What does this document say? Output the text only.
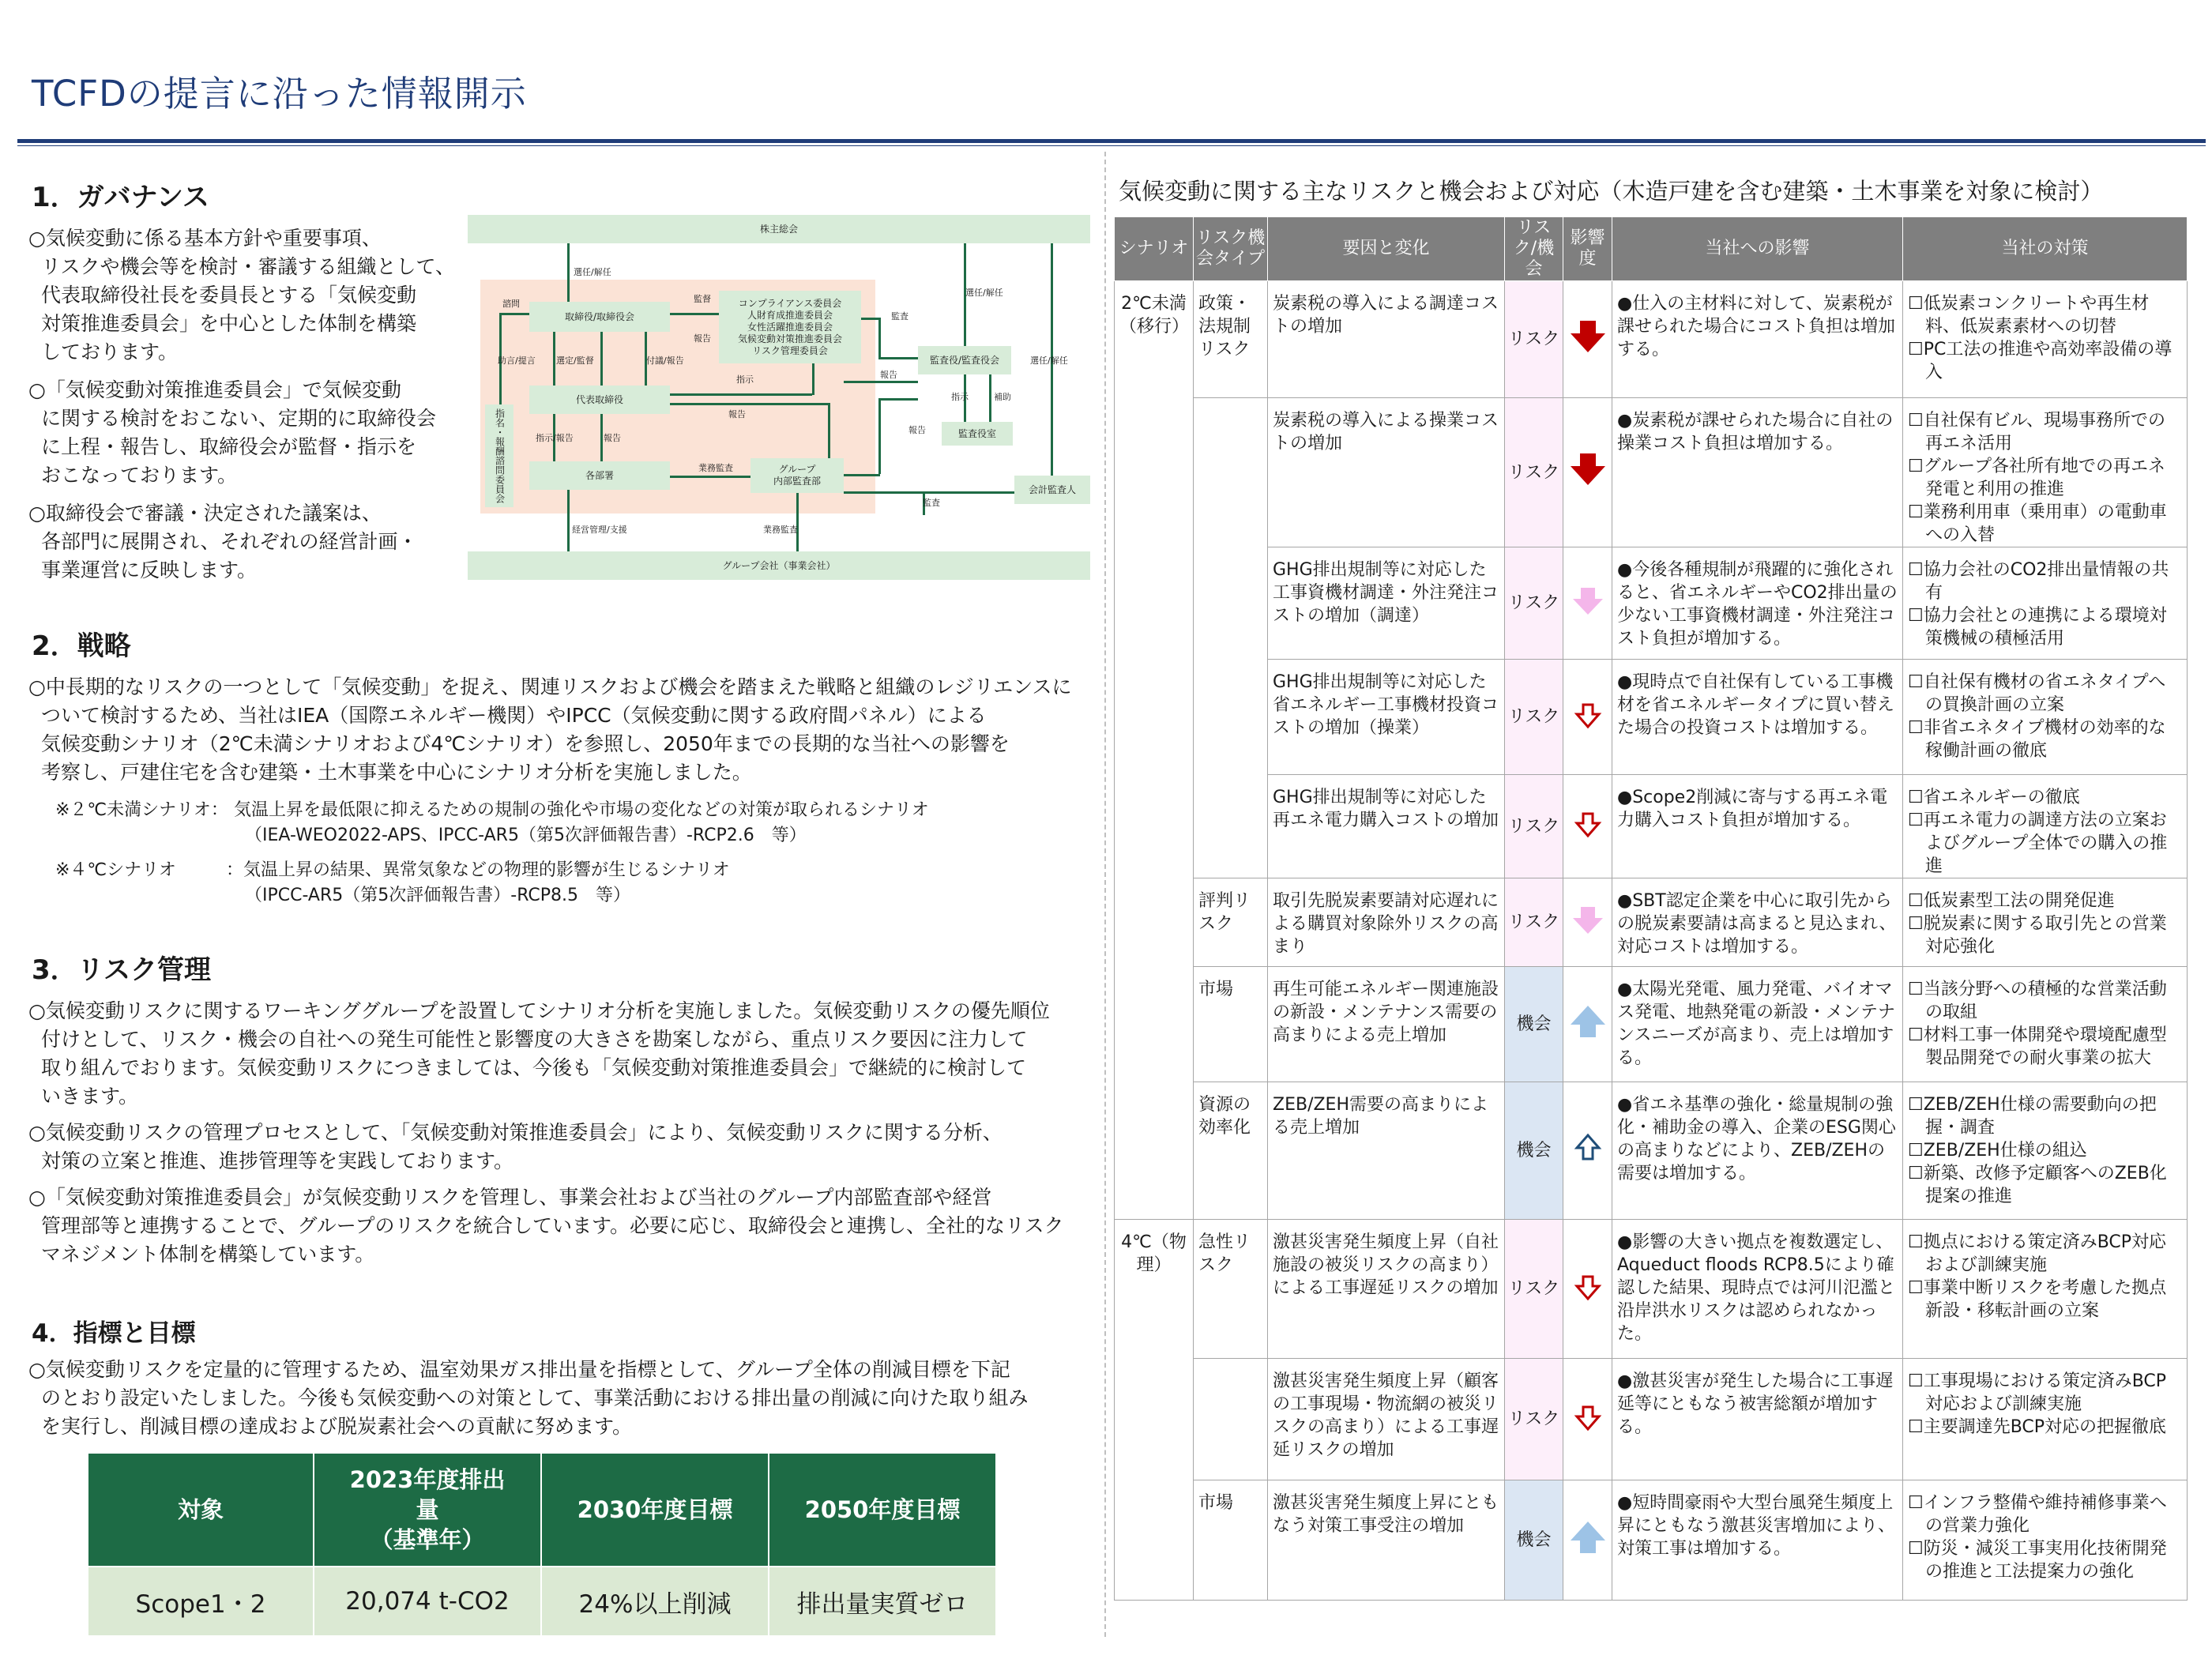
TCFDの提言に沿った情報開示
1．ガバナンス
○気候変動に係る基本方針や重要事項、
リスクや機会等を検討・審議する組織として、
代表取締役社長を委員長とする「気候変動
対策推進委員会」を中心とした体制を構築
しております。
○「気候変動対策推進委員会」で気候変動
に関する検討をおこない、定期的に取締役会
に上程・報告し、取締役会が監督・指示を
おこなっております。
○取締役会で審議・決定された議案は、
各部門に展開され、それぞれの経営計画・
事業運営に反映します。
株主総会
取締役/取締役会
コンプライアンス委員会
人財育成推進委員会
女性活躍推進委員会
気候変動対策推進委員会
リスク管理委員会
代表取締役
各部署
グループ
内部監査部
指名・報酬諮問委員会
監査役/監査役会
監査役室
会計監査人
グループ会社（事業会社）
選任/解任
選任/解任
選任/解任
諮問
助言/提言 選定/監督	付議/報告
監督
報告
指示
監査
報告
報告
指示/報告	報告
業務監査
指示	補助
報告
監査
経営管理/支援	業務監査
2．戦略
○中長期的なリスクの一つとして「気候変動」を捉え、関連リスクおよび機会を踏まえた戦略と組織のレジリエンスに
ついて検討するため、当社はIEA（国際エネルギー機関）やIPCC（気候変動に関する政府間パネル）による
気候変動シナリオ（2℃未満シナリオおよび4℃シナリオ）を参照し、2050年までの長期的な当社への影響を
考察し、戸建住宅を含む建築・土木事業を中心にシナリオ分析を実施しました。
※２℃未満シナリオ： 気温上昇を最低限に抑えるための規制の強化や市場の変化などの対策が取られるシナリオ
（IEA-WEO2022-APS、IPCC-AR5（第5次評価報告書）-RCP2.6　等）
※４℃シナリオ	：気温上昇の結果、異常気象などの物理的影響が生じるシナリオ
（IPCC-AR5（第5次評価報告書）-RCP8.5　等）
3．リスク管理
○気候変動リスクに関するワーキンググループを設置してシナリオ分析を実施しました。気候変動リスクの優先順位
付けとして、リスク・機会の自社への発生可能性と影響度の大きさを勘案しながら、重点リスク要因に注力して
取り組んでおります。気候変動リスクにつきましては、今後も「気候変動対策推進委員会」で継続的に検討して
いきます。
○気候変動リスクの管理プロセスとして、「気候変動対策推進委員会」により、気候変動リスクに関する分析、
対策の立案と推進、進捗管理等を実践しております。
○「気候変動対策推進委員会」が気候変動リスクを管理し、事業会社および当社のグループ内部監査部や経営
管理部等と連携することで、グループのリスクを統合しています。必要に応じ、取締役会と連携し、全社的なリスク
マネジメント体制を構築しています。
4．指標と目標
○気候変動リスクを定量的に管理するため、温室効果ガス排出量を指標として、グループ全体の削減目標を下記
のとおり設定いたしました。今後も気候変動への対策として、事業活動における排出量の削減に向けた取り組み
を実行し、削減目標の達成および脱炭素社会への貢献に努めます。
対象	2023年度排出
量
（基準年）	2030年度目標	2050年度目標

Scope1・2	20,074 t-CO2	24%以上削減	排出量実質ゼロ
気候変動に関する主なリスクと機会および対応（木造戸建を含む建築・土木事業を対象に検討）
シナリオ	リスク機会タイプ	要因と変化	リスク/機会	影響度	当社への影響	当社の対策
2℃未満（移行）	政策・法規制リスク	炭素税の導入による調達コストの増加	リスク		●仕入の主材料に対して、炭素税が課せられた場合にコスト負担は増加する。	☐低炭素コンクリートや再生材料、低炭素素材への切替
☐PC工法の推進や高効率設備の導入

		炭素税の導入による操業コストの増加	リスク		●炭素税が課せられた場合に自社の操業コスト負担は増加する。	☐自社保有ビル、現場事務所での再エネ活用
☐グループ各社所有地での再エネ発電と利用の推進
☐業務利用車（乗用車）の電動車への入替

		GHG排出規制等に対応した工事資機材調達・外注発注コストの増加（調達）	リスク		●今後各種規制が飛躍的に強化されると、省エネルギーやCO2排出量の少ない工事資機材調達・外注発注コスト負担が増加する。	☐協力会社のCO2排出量情報の共有
☐協力会社との連携による環境対策機械の積極活用

		GHG排出規制等に対応した省エネルギー工事機材投資コストの増加（操業）	リスク		●現時点で自社保有している工事機材を省エネルギータイプに買い替えた場合の投資コストは増加する。	☐自社保有機材の省エネタイプへの買換計画の立案
☐非省エネタイプ機材の効率的な稼働計画の徹底

		GHG排出規制等に対応した再エネ電力購入コストの増加	リスク		●Scope2削減に寄与する再エネ電力購入コスト負担が増加する。	☐省エネルギーの徹底
☐再エネ電力の調達方法の立案およびグループ全体での購入の推進

	評判リスク	取引先脱炭素要請対応遅れによる購買対象除外リスクの高まり	リスク		●SBT認定企業を中心に取引先からの脱炭素要請は高まると見込まれ、対応コストは増加する。	☐低炭素型工法の開発促進
☐脱炭素に関する取引先との営業対応強化

	市場	再生可能エネルギー関連施設の新設・メンテナンス需要の高まりによる売上増加	機会		●太陽光発電、風力発電、バイオマス発電、地熱発電の新設・メンテナンスニーズが高まり、売上は増加する。	☐当該分野への積極的な営業活動の取組
☐材料工事一体開発や環境配慮型製品開発での耐火事業の拡大

	資源の効率化	ZEB/ZEH需要の高まりによる売上増加	機会		●省エネ基準の強化・総量規制の強化・補助金の導入、企業のESG関心の高まりなどにより、ZEB/ZEHの需要は増加する。	☐ZEB/ZEH仕様の需要動向の把握・調査
☐ZEB/ZEH仕様の組込
☐新築、改修予定顧客へのZEB化提案の推進

4℃（物理）	急性リスク	激甚災害発生頻度上昇（自社施設の被災リスクの高まり）による工事遅延リスクの増加	リスク		●影響の大きい拠点を複数選定し、Aqueduct floods RCP8.5により確認した結果、現時点では河川氾濫と沿岸洪水リスクは認められなかった。	☐拠点における策定済みBCP対応および訓練実施
☐事業中断リスクを考慮した拠点新設・移転計画の立案

		激甚災害発生頻度上昇（顧客の工事現場・物流網の被災リスクの高まり）による工事遅延リスクの増加	リスク		●激甚災害が発生した場合に工事遅延等にともなう被害総額が増加する。	☐工事現場における策定済みBCP対応および訓練実施
☐主要調達先BCP対応の把握徹底

	市場	激甚災害発生頻度上昇にともなう対策工事受注の増加	機会		●短時間豪雨や大型台風発生頻度上昇にともなう激甚災害増加により、対策工事は増加する。	☐インフラ整備や維持補修事業への営業力強化
☐防災・減災工事実用化技術開発の推進と工法提案力の強化
